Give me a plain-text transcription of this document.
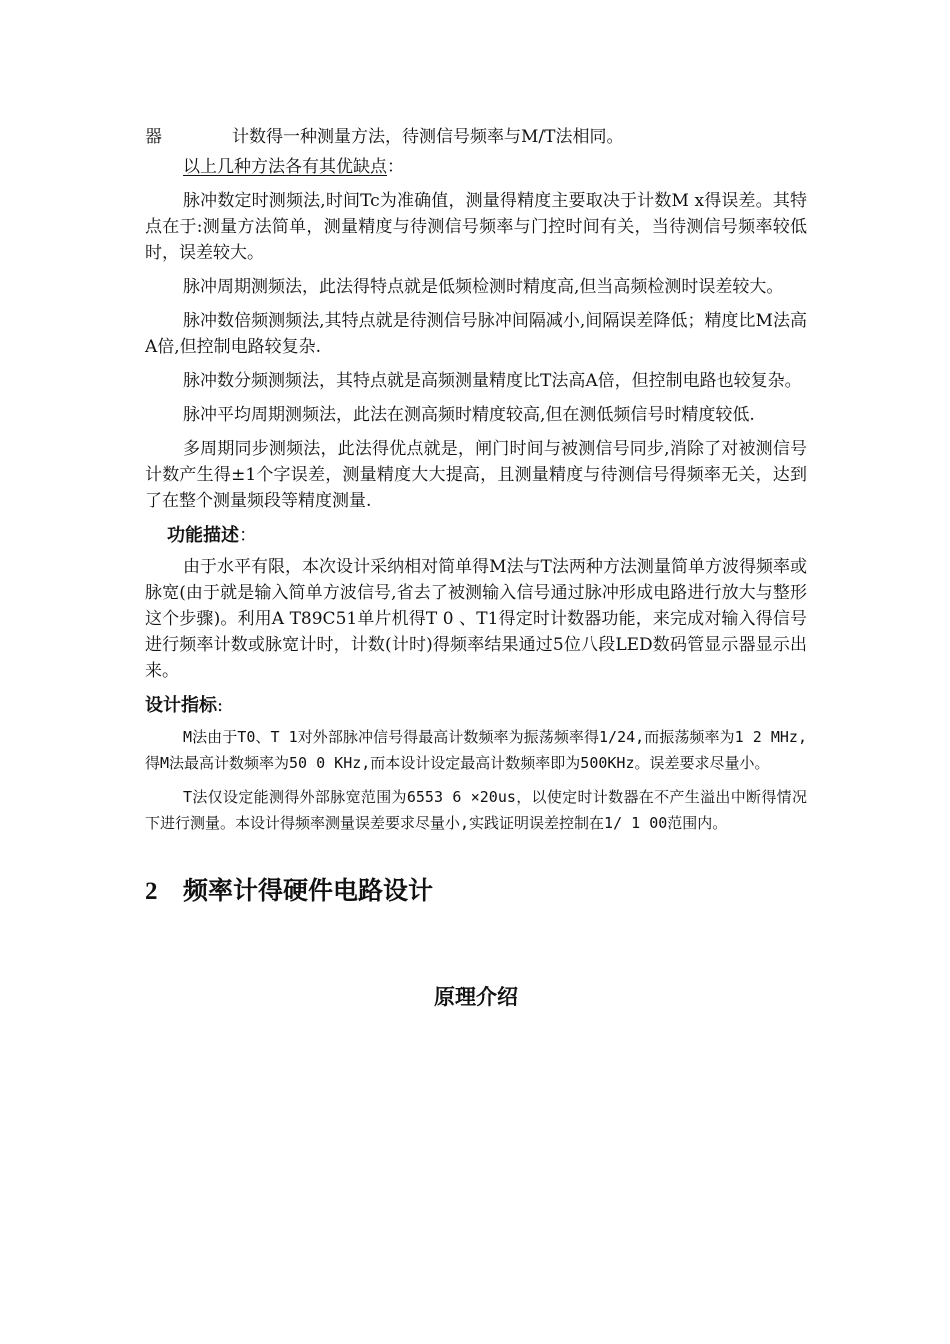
器	计数得一种测量方法，待测信号频率与M/T法相同。

以上几种方法各有其优缺点：

脉冲数定时测频法,时间Tc为准确值，测量得精度主要取决于计数M x得误差。其特点在于:测量方法简单，测量精度与待测信号频率与门控时间有关，当待测信号频率较低时，误差较大。

脉冲周期测频法，此法得特点就是低频检测时精度高,但当高频检测时误差较大。

脉冲数倍频测频法,其特点就是待测信号脉冲间隔减小,间隔误差降低；精度比M法高A倍,但控制电路较复杂.

脉冲数分频测频法，其特点就是高频测量精度比T法高A倍，但控制电路也较复杂。

脉冲平均周期测频法，此法在测高频时精度较高,但在测低频信号时精度较低.

多周期同步测频法，此法得优点就是，闸门时间与被测信号同步,消除了对被测信号计数产生得±1个字误差，测量精度大大提高，且测量精度与待测信号得频率无关，达到了在整个测量频段等精度测量.

功能描述：

由于水平有限，本次设计采纳相对简单得M法与T法两种方法测量简单方波得频率或脉宽(由于就是输入简单方波信号,省去了被测输入信号通过脉冲形成电路进行放大与整形这个步骤)。利用A T89C51单片机得T 0 、T1得定时计数器功能，来完成对输入得信号进行频率计数或脉宽计时，计数(计时)得频率结果通过5位八段LED数码管显示器显示出来。

设计指标:

M法由于T0、T 1对外部脉冲信号得最高计数频率为振荡频率得1/24,而振荡频率为1 2 MHz,得M法最高计数频率为50 0 KHz,而本设计设定最高计数频率即为500KHz。误差要求尽量小。

T法仅设定能测得外部脉宽范围为6553 6 ×20us，以使定时计数器在不产生溢出中断得情况下进行测量。本设计得频率测量误差要求尽量小,实践证明误差控制在1/ 1 00范围内。

2 频率计得硬件电路设计
原理介绍
